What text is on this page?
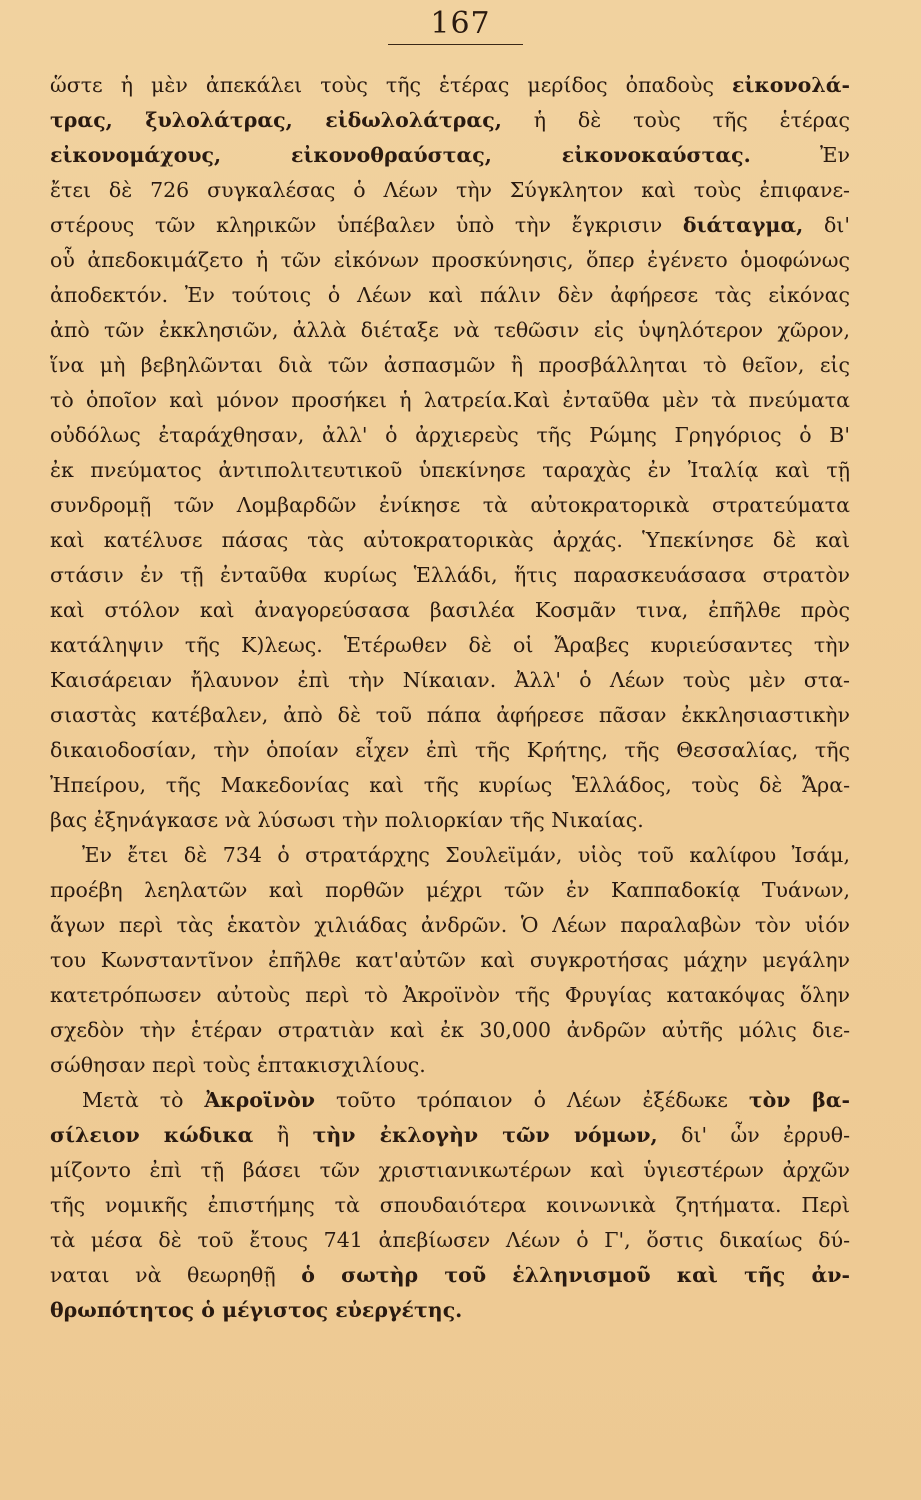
167
ὥστε ἡ μὲν ἀπεκάλει τοὺς τῆς ἑτέρας μερίδος ὀπαδοὺς εἰκονολά-
τρας, ξυλολάτρας, εἰδωλολάτρας, ἡ δὲ τοὺς τῆς ἑτέρας
εἰκονομάχους, εἰκονοθραύστας, εἰκονοκαύστας. Ἐν
ἔτει δὲ 726 συγκαλέσας ὁ Λέων τὴν Σύγκλητον καὶ τοὺς ἐπιφανε-
στέρους τῶν κληρικῶν ὑπέβαλεν ὑπὸ τὴν ἔγκρισιν διάταγμα, δι'
οὗ ἀπεδοκιμάζετο ἡ τῶν εἰκόνων προσκύνησις, ὅπερ ἐγένετο ὁμοφώνως
ἀποδεκτόν. Ἐν τούτοις ὁ Λέων καὶ πάλιν δὲν ἀφήρεσε τὰς εἰκόνας
ἀπὸ τῶν ἐκκλησιῶν, ἀλλὰ διέταξε νὰ τεθῶσιν εἰς ὑψηλότερον χῶρον,
ἵνα μὴ βεβηλῶνται διὰ τῶν ἀσπασμῶν ἢ προσβάλληται τὸ θεῖον, εἰς
τὸ ὁποῖον καὶ μόνον προσήκει ἡ λατρεία.Καὶ ἐνταῦθα μὲν τὰ πνεύματα
οὐδόλως ἐταράχθησαν, ἀλλ' ὁ ἀρχιερεὺς τῆς Ρώμης Γρηγόριος ὁ Β'
ἐκ πνεύματος ἀντιπολιτευτικοῦ ὑπεκίνησε ταραχὰς ἐν Ἰταλίᾳ καὶ τῇ
συνδρομῇ τῶν Λομβαρδῶν ἐνίκησε τὰ αὐτοκρατορικὰ στρατεύματα
καὶ κατέλυσε πάσας τὰς αὐτοκρατορικὰς ἀρχάς. Ὑπεκίνησε δὲ καὶ
στάσιν ἐν τῇ ἐνταῦθα κυρίως Ἑλλάδι, ἥτις παρασκευάσασα στρατὸν
καὶ στόλον καὶ ἀναγορεύσασα βασιλέα Κοσμᾶν τινα, ἐπῆλθε πρὸς
κατάληψιν τῆς Κ)λεως. Ἑτέρωθεν δὲ οἱ Ἄραβες κυριεύσαντες τὴν
Καισάρειαν ἤλαυνον ἐπὶ τὴν Νίκαιαν. Ἀλλ' ὁ Λέων τοὺς μὲν στα-
σιαστὰς κατέβαλεν, ἀπὸ δὲ τοῦ πάπα ἀφήρεσε πᾶσαν ἐκκλησιαστικὴν
δικαιοδοσίαν, τὴν ὁποίαν εἶχεν ἐπὶ τῆς Κρήτης, τῆς Θεσσαλίας, τῆς
Ἠπείρου, τῆς Μακεδονίας καὶ τῆς κυρίως Ἑλλάδος, τοὺς δὲ Ἄρα-
βας ἐξηνάγκασε νὰ λύσωσι τὴν πολιορκίαν τῆς Νικαίας.
Ἐν ἔτει δὲ 734 ὁ στρατάρχης Σουλεϊμάν, υἱὸς τοῦ καλίφου Ἰσάμ,
προέβη λεηλατῶν καὶ πορθῶν μέχρι τῶν ἐν Καππαδοκίᾳ Τυάνων,
ἄγων περὶ τὰς ἑκατὸν χιλιάδας ἀνδρῶν. Ὁ Λέων παραλαβὼν τὸν υἱόν
του Κωνσταντῖνον ἐπῆλθε κατ'αὐτῶν καὶ συγκροτήσας μάχην μεγάλην
κατετρόπωσεν αὐτοὺς περὶ τὸ Ἀκροϊνὸν τῆς Φρυγίας κατακόψας ὅλην
σχεδὸν τὴν ἑτέραν στρατιὰν καὶ ἐκ 30,000 ἀνδρῶν αὐτῆς μόλις διε-
σώθησαν περὶ τοὺς ἑπτακισχιλίους.
Μετὰ τὸ Ἀκροϊνὸν τοῦτο τρόπαιον ὁ Λέων ἐξέδωκε τὸν βα-
σίλειον κώδικα ἢ τὴν ἐκλογὴν τῶν νόμων, δι' ὧν ἐρρυθ-
μίζοντο ἐπὶ τῇ βάσει τῶν χριστιανικωτέρων καὶ ὑγιεστέρων ἀρχῶν
τῆς νομικῆς ἐπιστήμης τὰ σπουδαιότερα κοινωνικὰ ζητήματα. Περὶ
τὰ μέσα δὲ τοῦ ἔτους 741 ἀπεβίωσεν Λέων ὁ Γ', ὅστις δικαίως δύ-
ναται νὰ θεωρηθῇ ὁ σωτὴρ τοῦ ἑλληνισμοῦ καὶ τῆς ἀν-
θρωπότητος ὁ μέγιστος εὐεργέτης.
